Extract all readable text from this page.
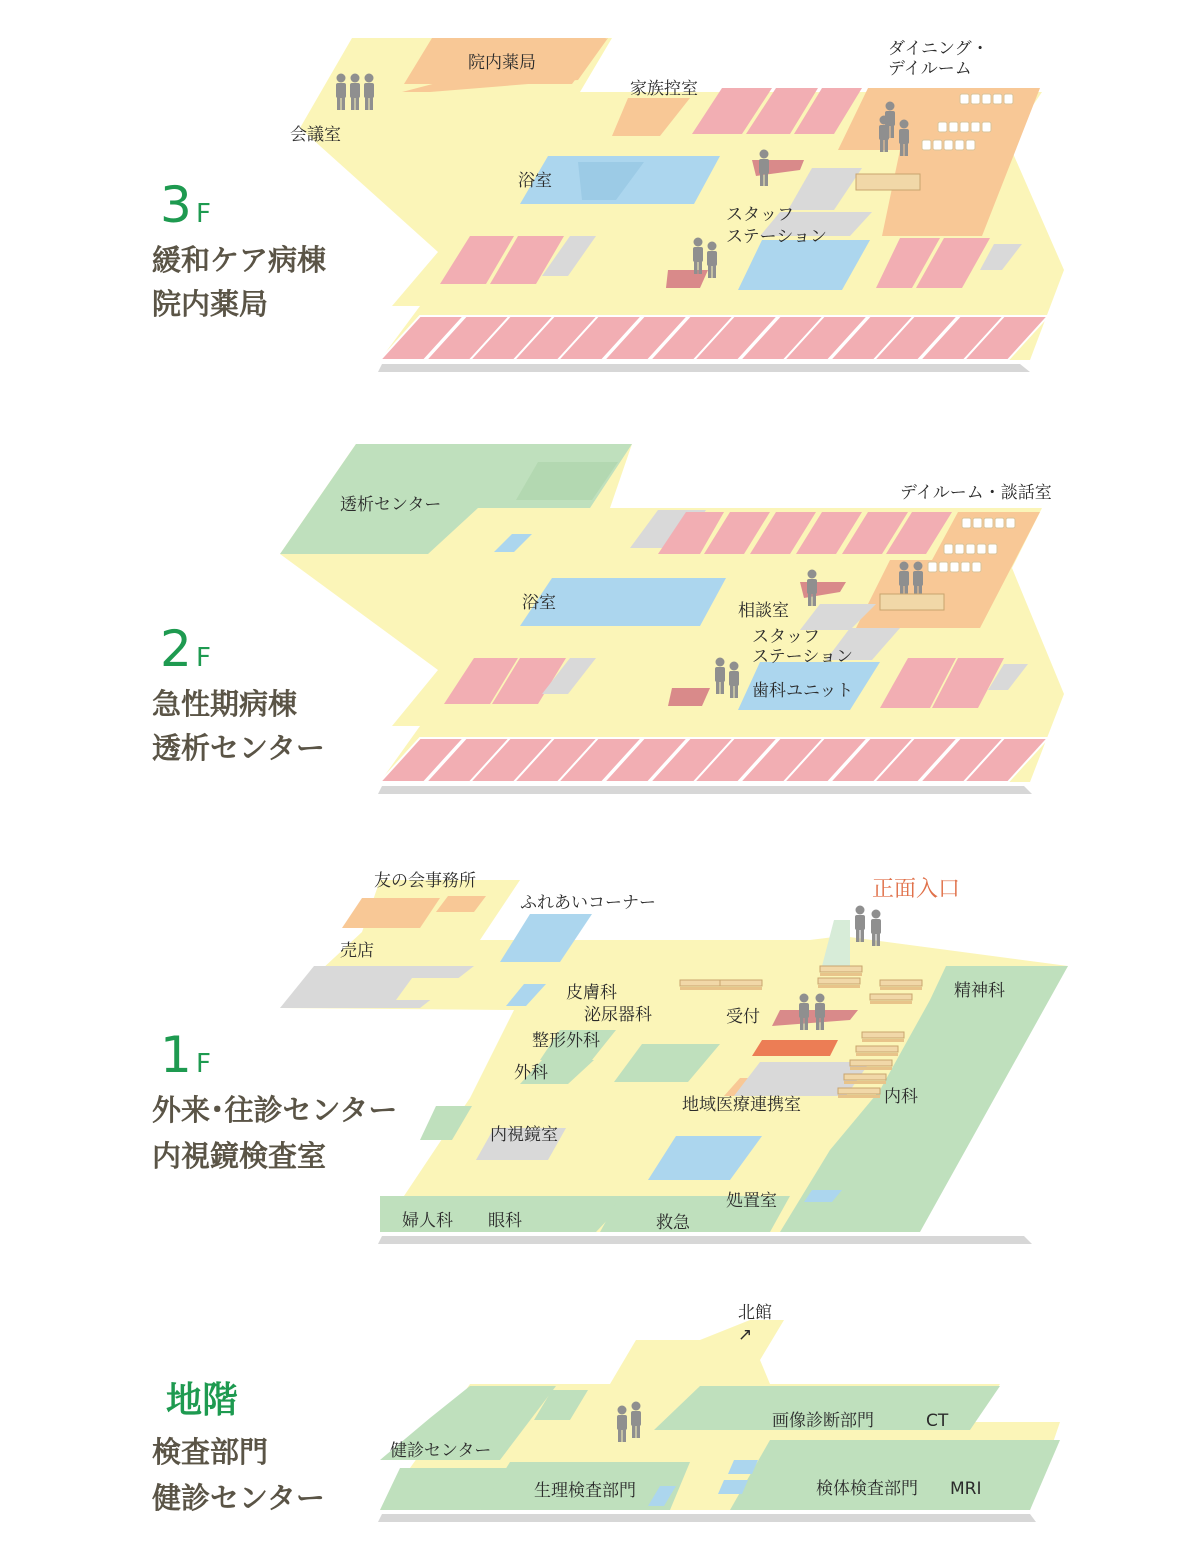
3 F
緩和ケア病棟
院内薬局
院内薬局
家族控室
ダイニング・
デイルーム
会議室
浴室
スタッフ
ステーション
2 F
急性期病棟
透析センター
透析センター
デイルーム・談話室
浴室	相談室
スタッフ
ステーション
歯科ユニット
1 F
外来･往診センター
内視鏡検査室
友の会事務所
ふれあいコーナー
正面入口
売店
皮膚科
泌尿器科	受付
精神科
整形外科
外科
地域医療連携室	内科
内視鏡室
処置室
婦人科 眼科	救急
地階
検査部門
健診センター
北館
↗
画像診断部門	CT
健診センター
生理検査部門	検体検査部門 MRI
